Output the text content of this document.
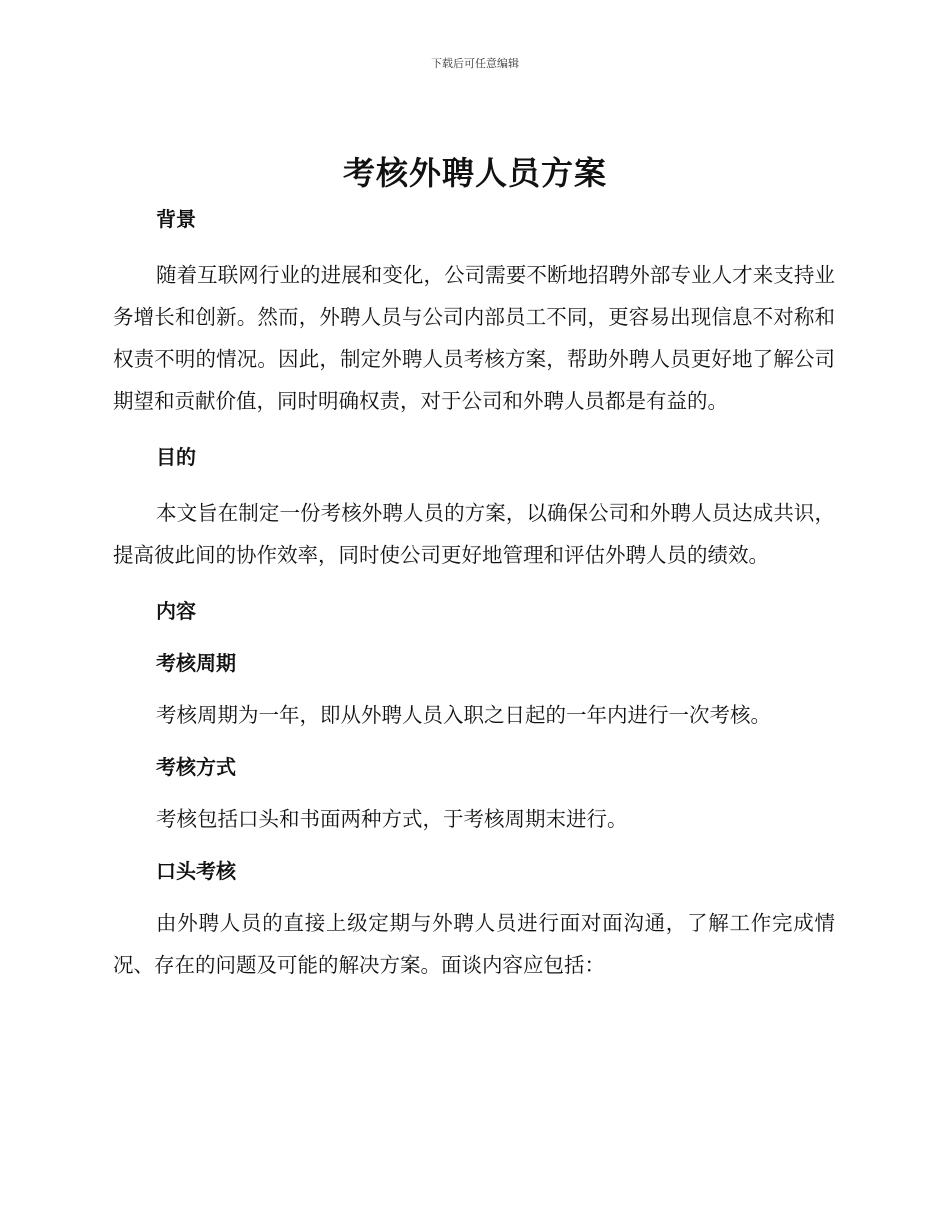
下载后可任意编辑
考核外聘人员方案

背景

随着互联网行业的进展和变化，公司需要不断地招聘外部专业人才来支持业务增长和创新。然而，外聘人员与公司内部员工不同，更容易出现信息不对称和权责不明的情况。因此，制定外聘人员考核方案，帮助外聘人员更好地了解公司期望和贡献价值，同时明确权责，对于公司和外聘人员都是有益的。

目的

本文旨在制定一份考核外聘人员的方案，以确保公司和外聘人员达成共识，提高彼此间的协作效率，同时使公司更好地管理和评估外聘人员的绩效。

内容

考核周期

考核周期为一年，即从外聘人员入职之日起的一年内进行一次考核。

考核方式

考核包括口头和书面两种方式，于考核周期末进行。

口头考核

由外聘人员的直接上级定期与外聘人员进行面对面沟通，了解工作完成情况、存在的问题及可能的解决方案。面谈内容应包括：
